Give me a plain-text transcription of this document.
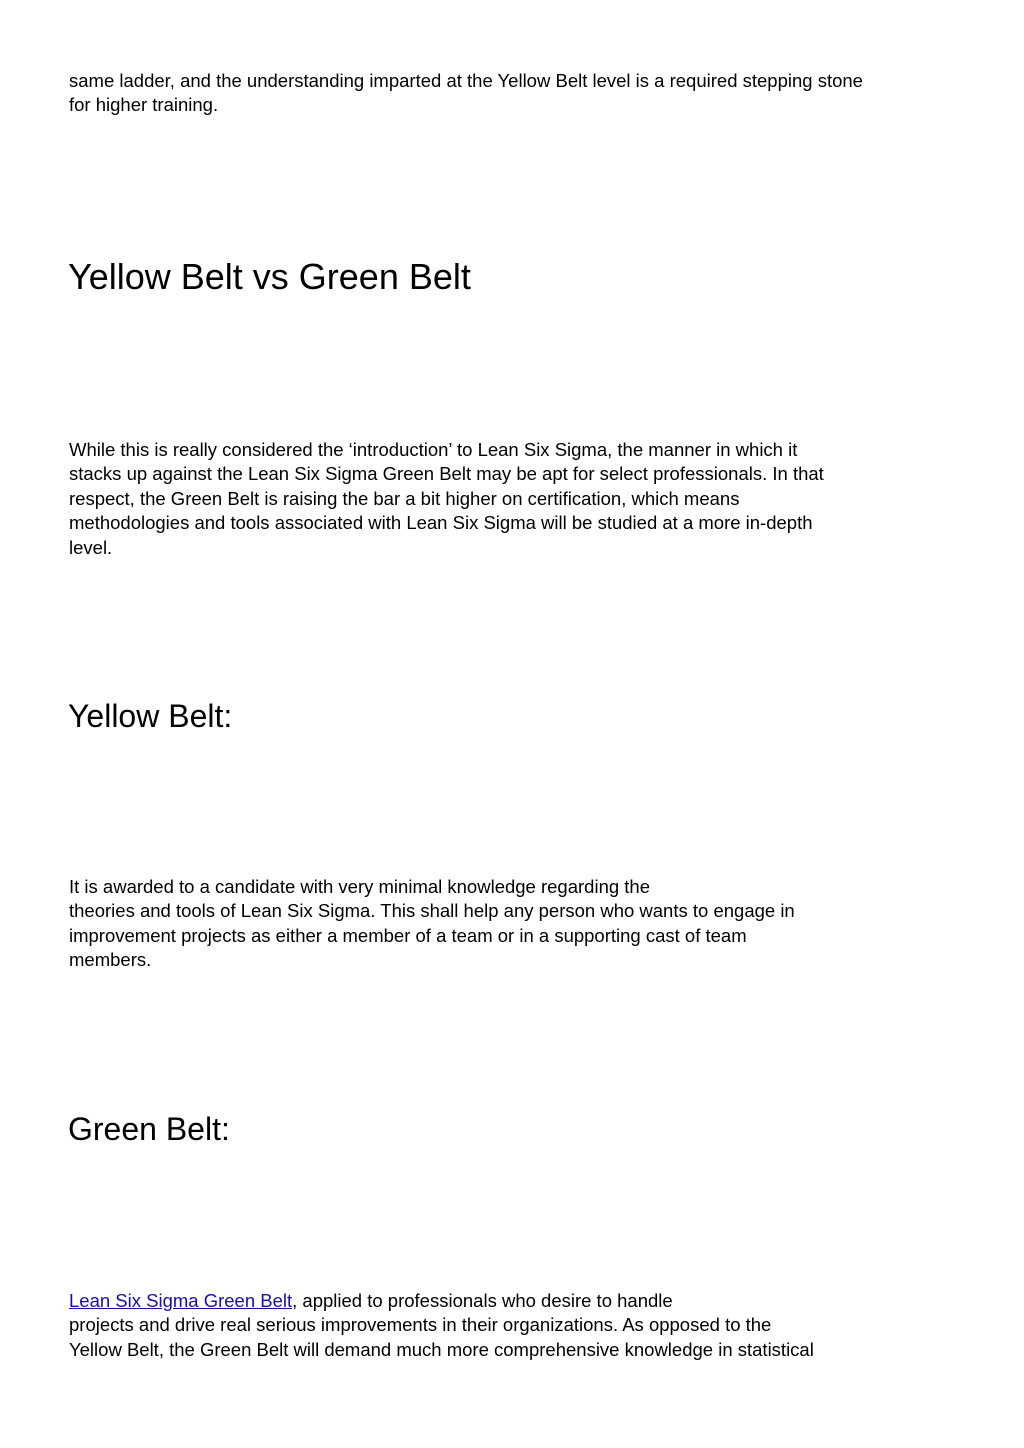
same ladder, and the understanding imparted at the Yellow Belt level is a required stepping stone
for higher training.

Yellow Belt vs Green Belt

While this is really considered the ‘introduction’ to Lean Six Sigma, the manner in which it
stacks up against the Lean Six Sigma Green Belt may be apt for select professionals. In that
respect, the Green Belt is raising the bar a bit higher on certification, which means
methodologies and tools associated with Lean Six Sigma will be studied at a more in-depth
level.

Yellow Belt:

It is awarded to a candidate with very minimal knowledge regarding the
theories and tools of Lean Six Sigma. This shall help any person who wants to engage in
improvement projects as either a member of a team or in a supporting cast of team
members.

Green Belt:

Lean Six Sigma Green Belt, applied to professionals who desire to handle
projects and drive real serious improvements in their organizations. As opposed to the
Yellow Belt, the Green Belt will demand much more comprehensive knowledge in statistical
